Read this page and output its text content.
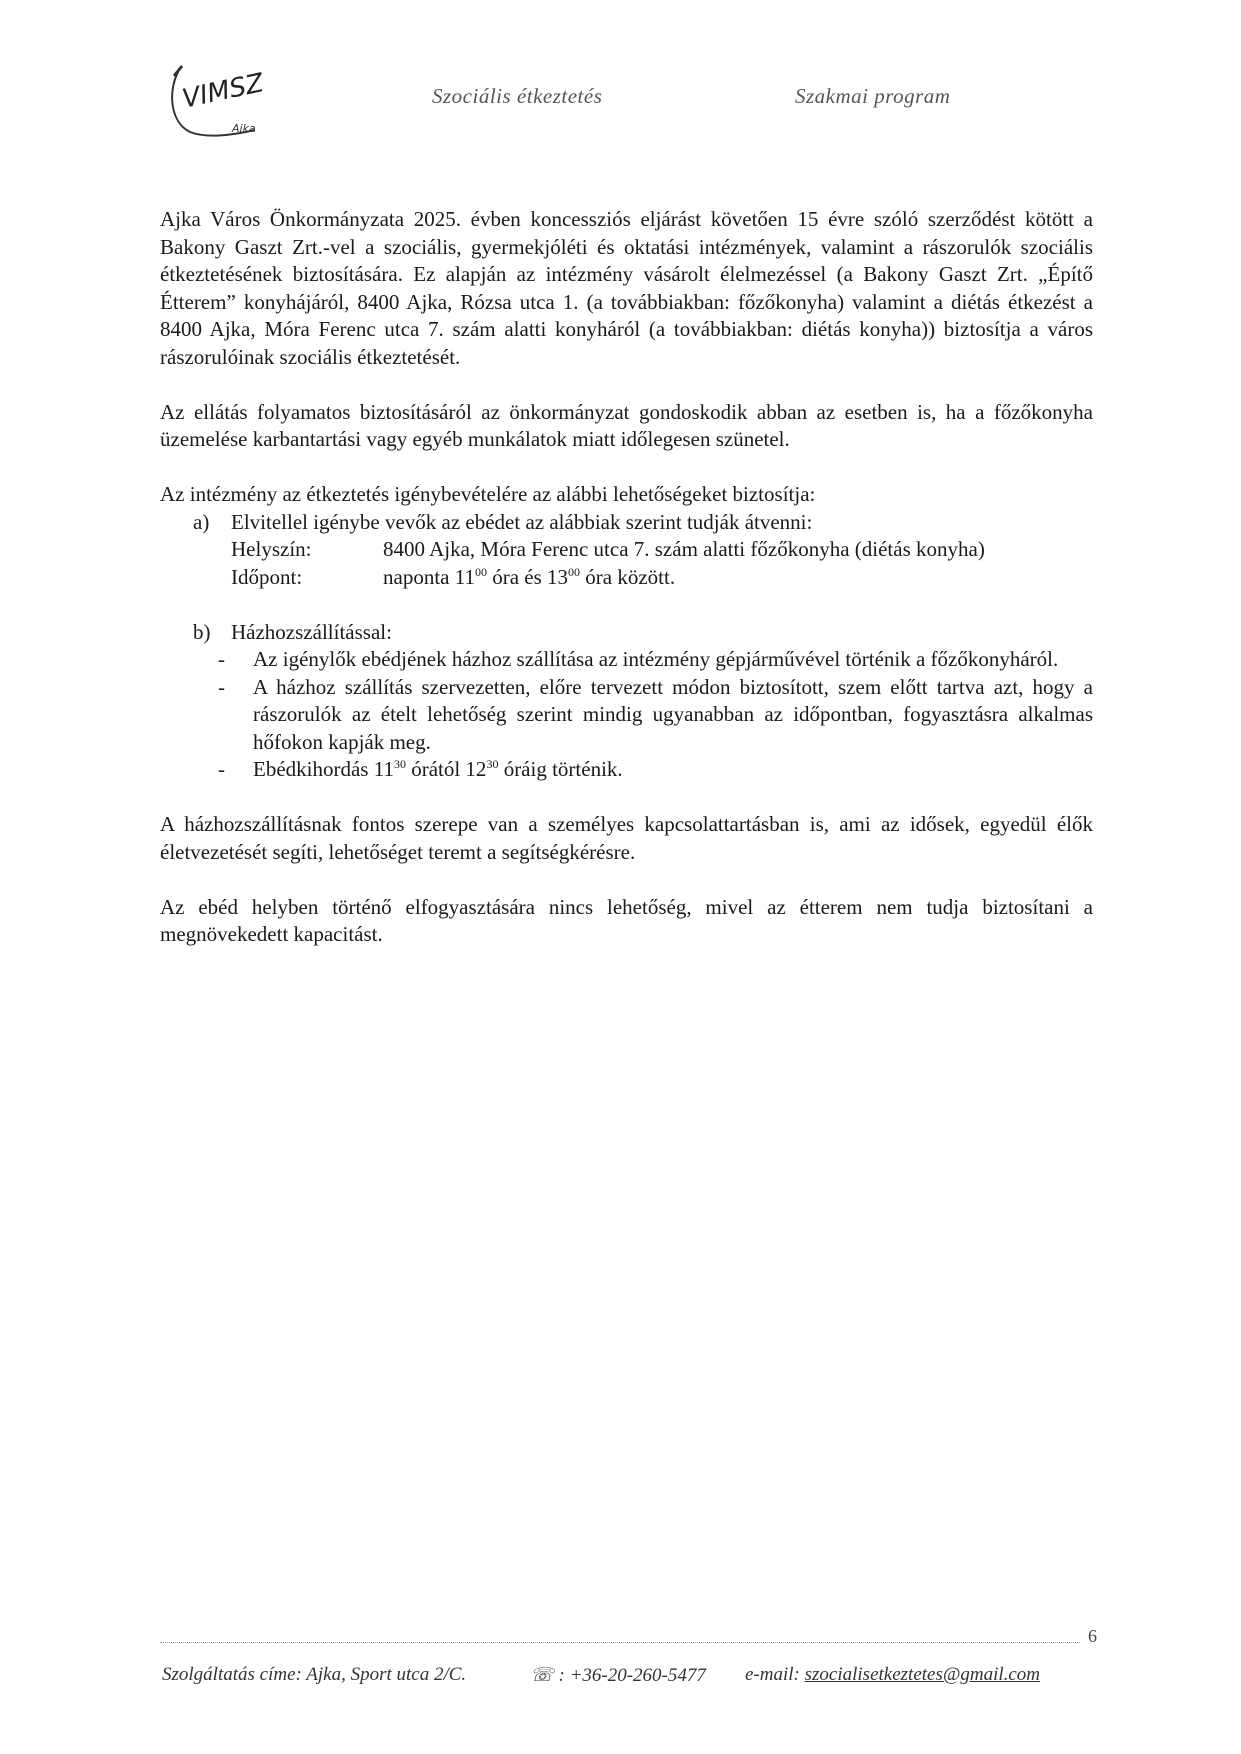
VIMSZ
Ajka
Szociális étkeztetés	Szakmai program

Ajka Város Önkormányzata 2025. évben koncessziós eljárást követően 15 évre szóló szerződést kötött a Bakony Gaszt Zrt.-vel a szociális, gyermekjóléti és oktatási intézmények, valamint a rászorulók szociális étkeztetésének biztosítására. Ez alapján az intézmény vásárolt élelmezéssel (a Bakony Gaszt Zrt. „Építő Étterem” konyhájáról, 8400 Ajka, Rózsa utca 1. (a továbbiakban: főzőkonyha) valamint a diétás étkezést a 8400 Ajka, Móra Ferenc utca 7. szám alatti konyháról (a továbbiakban: diétás konyha)) biztosítja a város rászorulóinak szociális étkeztetését.

Az ellátás folyamatos biztosításáról az önkormányzat gondoskodik abban az esetben is, ha a főzőkonyha üzemelése karbantartási vagy egyéb munkálatok miatt időlegesen szünetel.

Az intézmény az étkeztetés igénybevételére az alábbi lehetőségeket biztosítja:
a) Elvitellel igénybe vevők az ebédet az alábbiak szerint tudják átvenni:
Helyszín:	8400 Ajka, Móra Ferenc utca 7. szám alatti főzőkonyha (diétás konyha)
Időpont:	naponta $11^{00}$ óra és $13^{00}$ óra között.
b) Házhozszállítással:
- Az igénylők ebédjének házhoz szállítása az intézmény gépjárművével történik a főzőkonyháról.
- A házhoz szállítás szervezetten, előre tervezett módon biztosított, szem előtt tartva azt, hogy a rászorulók az ételt lehetőség szerint mindig ugyanabban az időpontban, fogyasztásra alkalmas hőfokon kapják meg.
- Ebédkihordás $11^{30}$ órától $12^{30}$ óráig történik.

A házhozszállításnak fontos szerepe van a személyes kapcsolattartásban is, ami az idősek, egyedül élők életvezetését segíti, lehetőséget teremt a segítségkérésre.

Az ebéd helyben történő elfogyasztására nincs lehetőség, mivel az étterem nem tudja biztosítani a megnövekedett kapacitást.

6
Szolgáltatás címe: Ajka, Sport utca 2/C.	☏ : +36-20-260-5477 e-mail: szocialisetkeztetes@gmail.com
